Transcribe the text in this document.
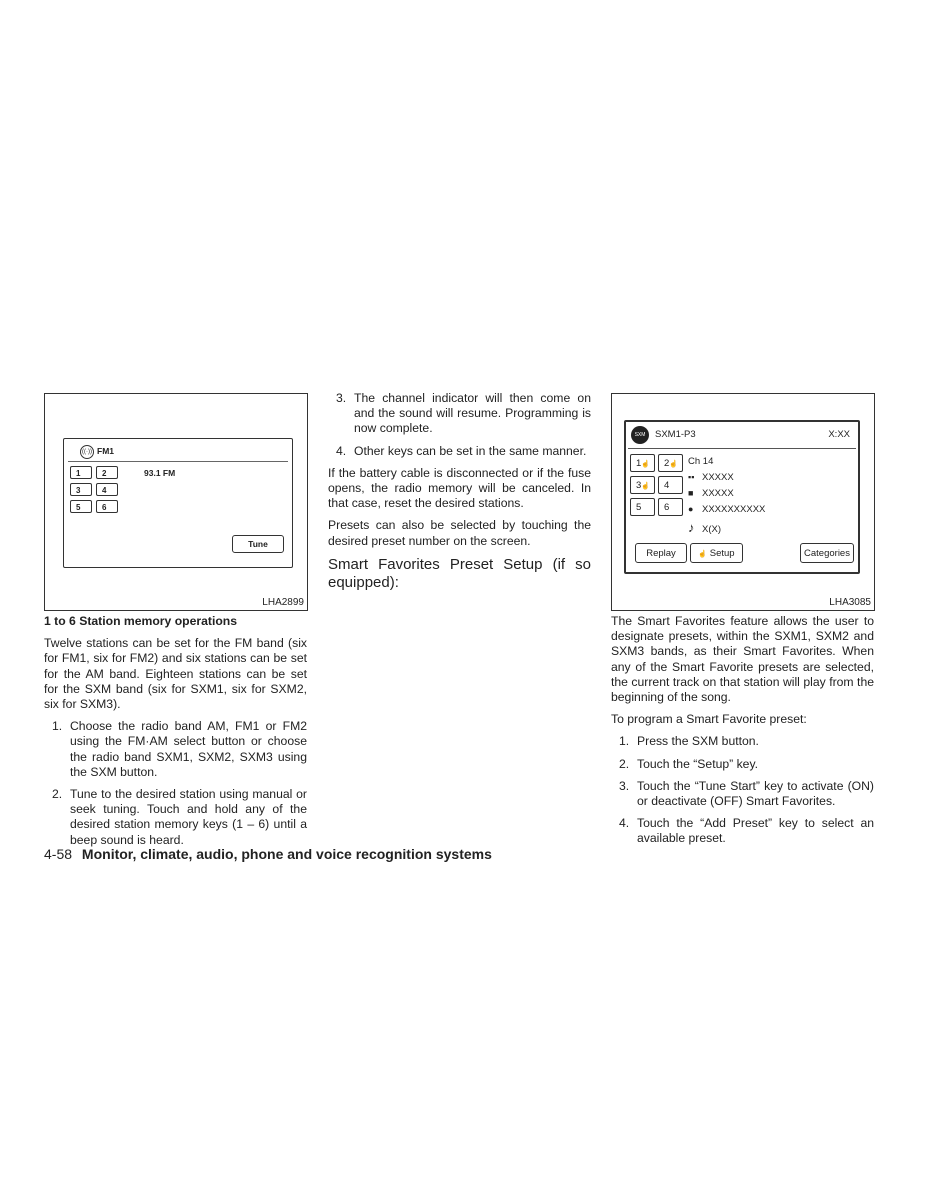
((·)) FM1
1	2
3	4
5	6
93.1 FM
Tune
LHA2899
SXM	SXM1-P3	X:XX
1☝	2☝
3☝	4
5	6
Ch 14
▪▪ XXXXX
■ XXXXX
● XXXXXXXXXX
♪ X(X)
Replay	☝ Setup	Categories
LHA3085

1 to 6 Station memory operations

Twelve stations can be set for the FM band (six for FM1, six for FM2) and six stations can be set for the AM band. Eighteen stations can be set for the SXM band (six for SXM1, six for SXM2, six for SXM3).

1. Choose the radio band AM, FM1 or FM2 using the FM·AM select button or choose the radio band SXM1, SXM2, SXM3 using the SXM button.
2. Tune to the desired station using manual or seek tuning. Touch and hold any of the desired station memory keys (1 – 6) until a beep sound is heard.
3. The channel indicator will then come on and the sound will resume. Programming is now complete.
4. Other keys can be set in the same manner.

If the battery cable is disconnected or if the fuse opens, the radio memory will be canceled. In that case, reset the desired stations.

Presets can also be selected by touching the desired preset number on the screen.

Smart Favorites Preset Setup (if so equipped):

The Smart Favorites feature allows the user to designate presets, within the SXM1, SXM2 and SXM3 bands, as their Smart Favorites. When any of the Smart Favorite presets are selected, the current track on that station will play from the beginning of the song.

To program a Smart Favorite preset:

1. Press the SXM button.
2. Touch the “Setup” key.
3. Touch the “Tune Start” key to activate (ON) or deactivate (OFF) Smart Favorites.
4. Touch the “Add Preset” key to select an available preset.
4-58 Monitor, climate, audio, phone and voice recognition systems
